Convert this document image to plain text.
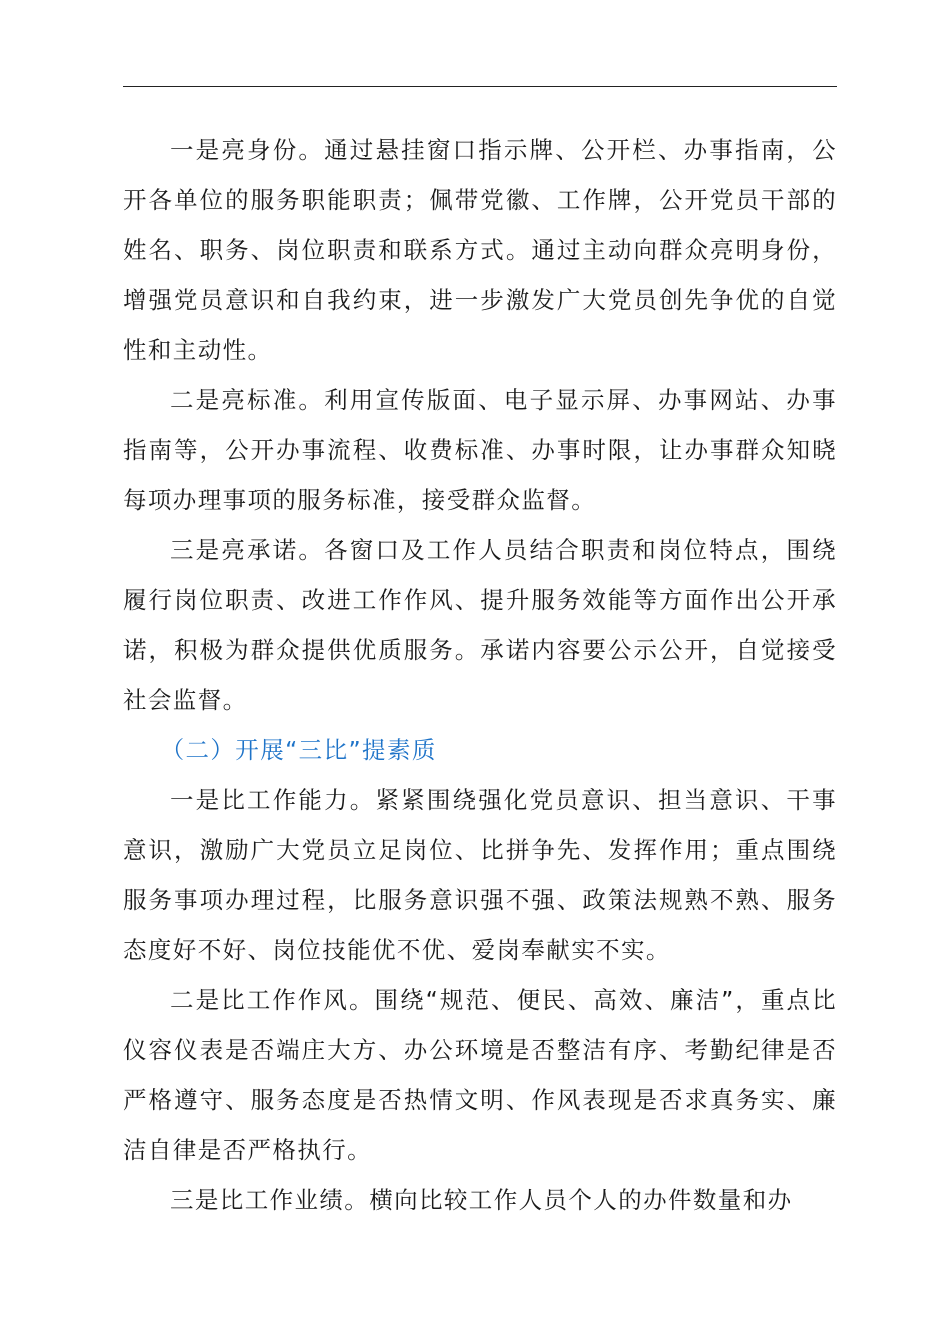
一是亮身份。通过悬挂窗口指示牌、公开栏、办事指南，公开各单位的服务职能职责；佩带党徽、工作牌，公开党员干部的姓名、职务、岗位职责和联系方式。通过主动向群众亮明身份，增强党员意识和自我约束，进一步激发广大党员创先争优的自觉性和主动性。

二是亮标准。利用宣传版面、电子显示屏、办事网站、办事指南等，公开办事流程、收费标准、办事时限，让办事群众知晓每项办理事项的服务标准，接受群众监督。

三是亮承诺。各窗口及工作人员结合职责和岗位特点，围绕履行岗位职责、改进工作作风、提升服务效能等方面作出公开承诺，积极为群众提供优质服务。承诺内容要公示公开，自觉接受社会监督。

（二）开展“三比”提素质

一是比工作能力。紧紧围绕强化党员意识、担当意识、干事意识，激励广大党员立足岗位、比拼争先、发挥作用；重点围绕服务事项办理过程，比服务意识强不强、政策法规熟不熟、服务态度好不好、岗位技能优不优、爱岗奉献实不实。

二是比工作作风。围绕“规范、便民、高效、廉洁”，重点比仪容仪表是否端庄大方、办公环境是否整洁有序、考勤纪律是否严格遵守、服务态度是否热情文明、作风表现是否求真务实、廉洁自律是否严格执行。

三是比工作业绩。横向比较工作人员个人的办件数量和办
